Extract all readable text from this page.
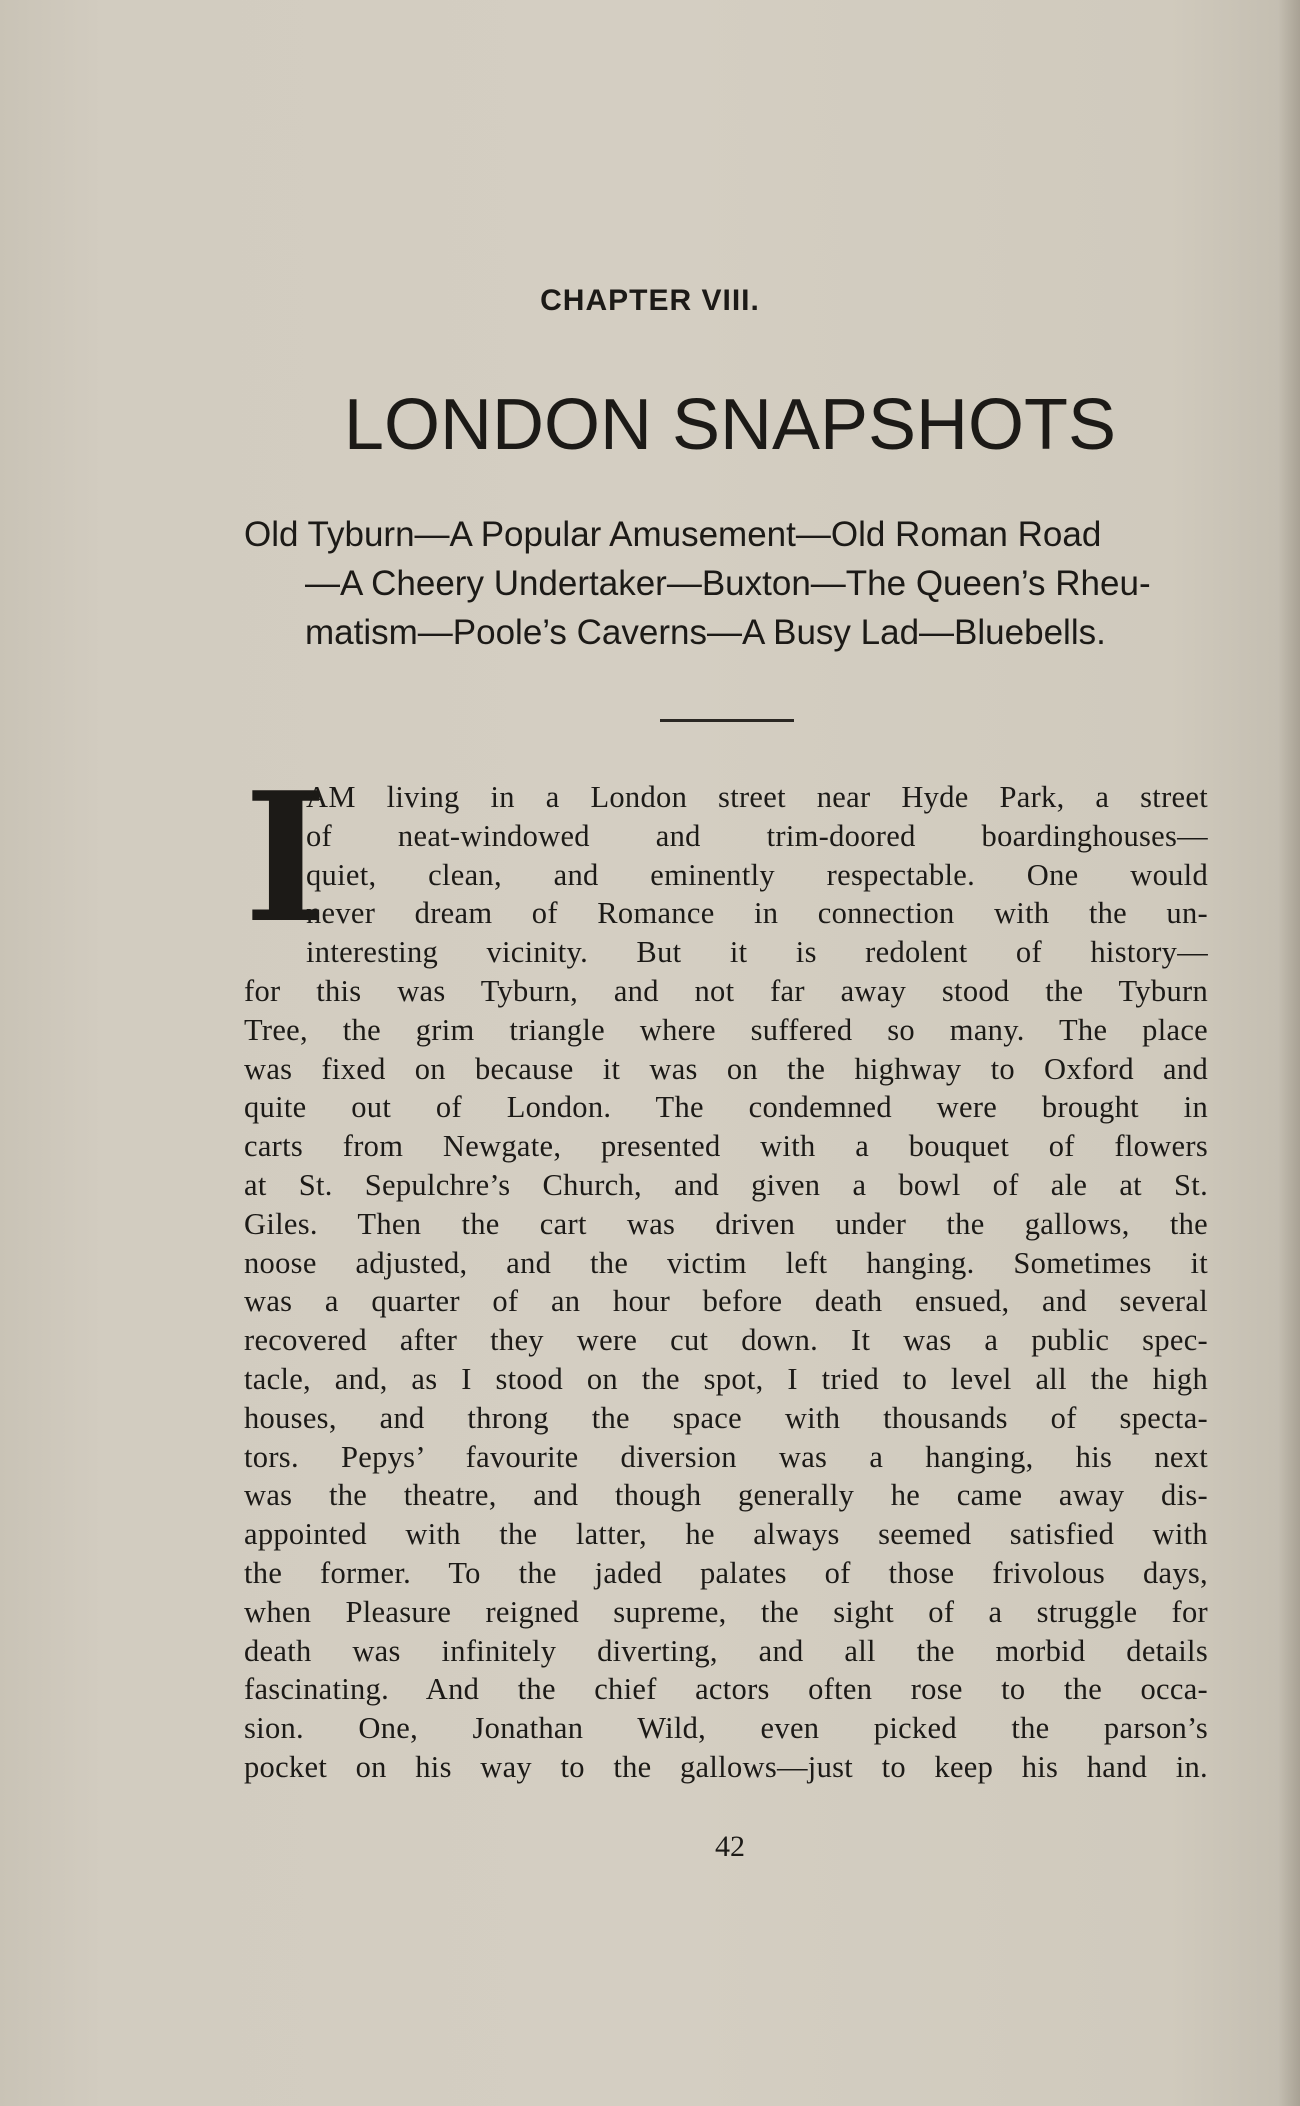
CHAPTER VIII.
LONDON SNAPSHOTS
Old Tyburn—A Popular Amusement—Old Roman Road
—A Cheery Undertaker—Buxton—The Queen’s Rheu-
matism—Poole’s Caverns—A Busy Lad—Bluebells.
I
AM living in a London street near Hyde Park, a street
of neat-windowed and trim-doored boardinghouses—
quiet, clean, and eminently respectable. One would
never dream of Romance in connection with the un-
interesting vicinity. But it is redolent of history—
for this was Tyburn, and not far away stood the Tyburn
Tree, the grim triangle where suffered so many. The place
was fixed on because it was on the highway to Oxford and
quite out of London. The condemned were brought in
carts from Newgate, presented with a bouquet of flowers
at St. Sepulchre’s Church, and given a bowl of ale at St.
Giles. Then the cart was driven under the gallows, the
noose adjusted, and the victim left hanging. Sometimes it
was a quarter of an hour before death ensued, and several
recovered after they were cut down. It was a public spec-
tacle, and, as I stood on the spot, I tried to level all the high
houses, and throng the space with thousands of specta-
tors. Pepys’ favourite diversion was a hanging, his next
was the theatre, and though generally he came away dis-
appointed with the latter, he always seemed satisfied with
the former. To the jaded palates of those frivolous days,
when Pleasure reigned supreme, the sight of a struggle for
death was infinitely diverting, and all the morbid details
fascinating. And the chief actors often rose to the occa-
sion. One, Jonathan Wild, even picked the parson’s
pocket on his way to the gallows—just to keep his hand in.
42
